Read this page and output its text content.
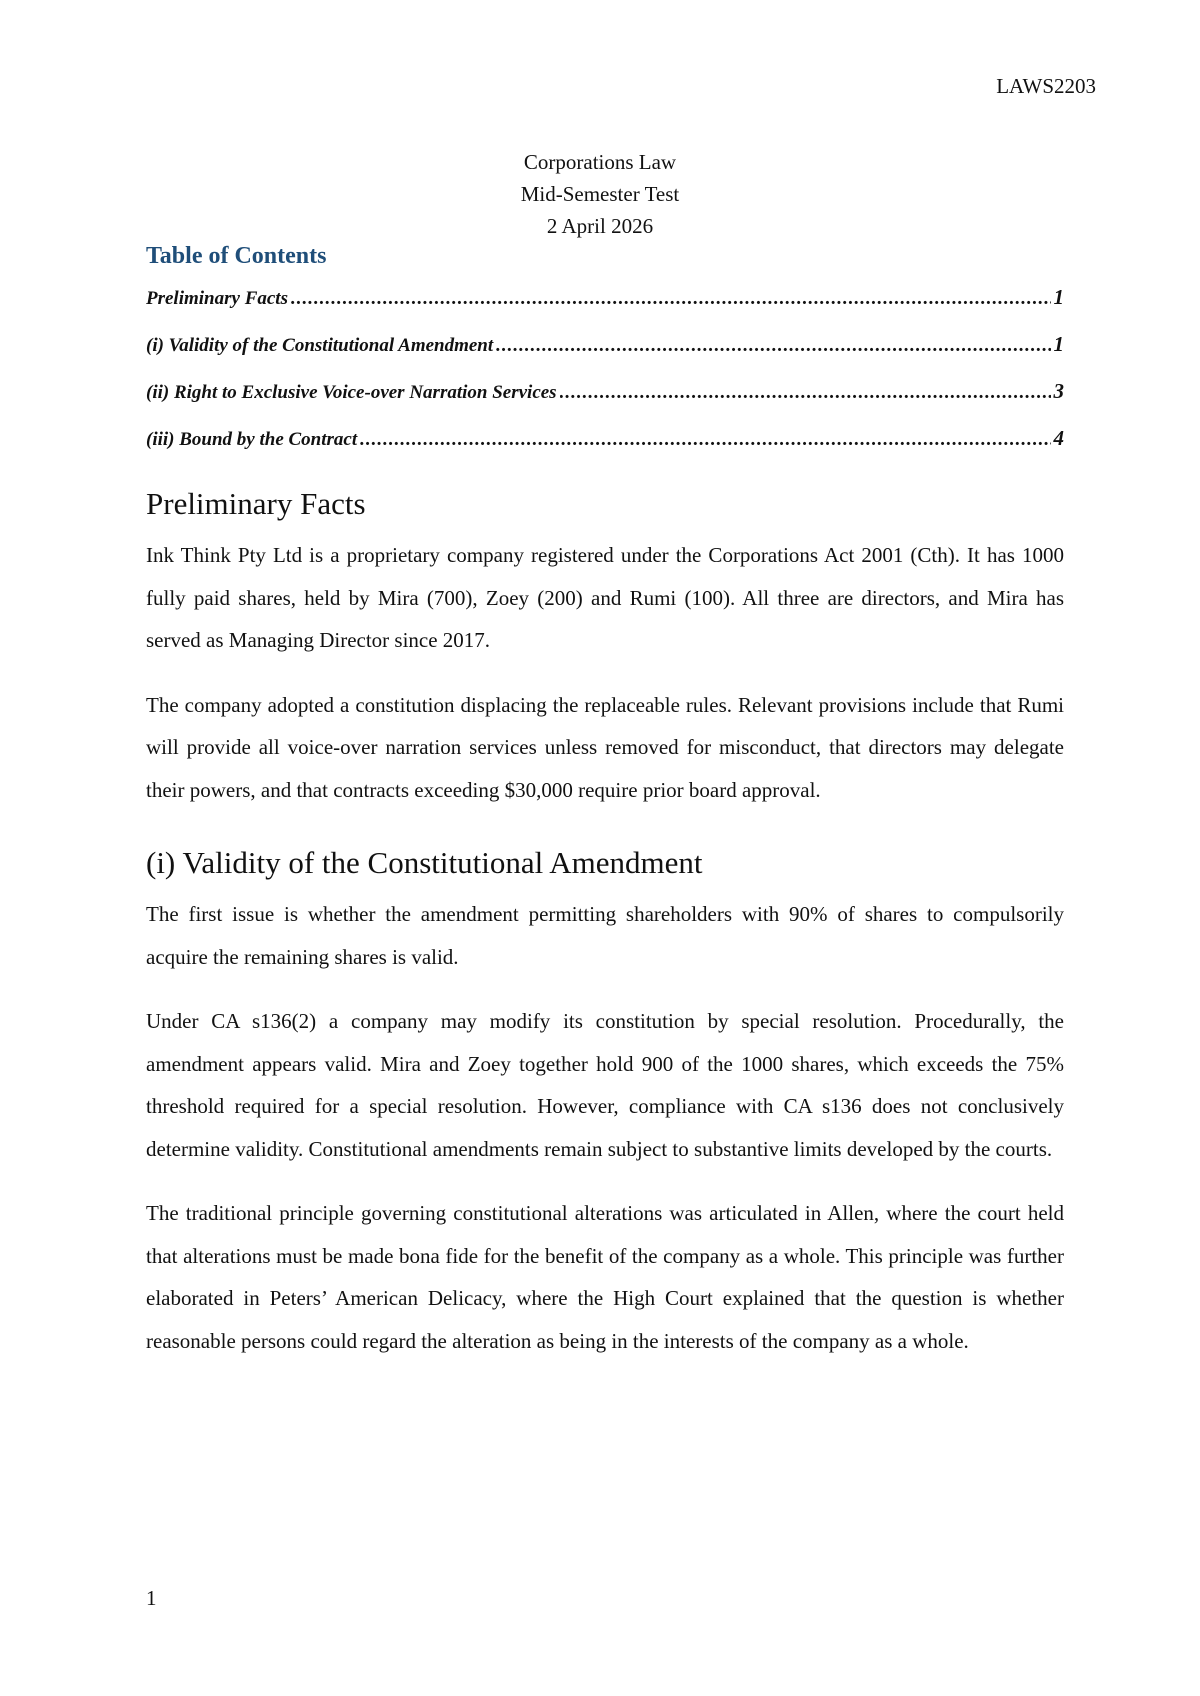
LAWS2203
Corporations Law
Mid-Semester Test
2 April 2026
Table of Contents
Preliminary Facts .....	1
(i) Validity of the Constitutional Amendment .....	1
(ii) Right to Exclusive Voice-over Narration Services .....	3
(iii) Bound by the Contract .....	4
Preliminary Facts

Ink Think Pty Ltd is a proprietary company registered under the Corporations Act 2001 (Cth). It has 1000 fully paid shares, held by Mira (700), Zoey (200) and Rumi (100). All three are directors, and Mira has served as Managing Director since 2017.

The company adopted a constitution displacing the replaceable rules. Relevant provisions include that Rumi will provide all voice-over narration services unless removed for misconduct, that directors may delegate their powers, and that contracts exceeding $30,000 require prior board approval.

(i) Validity of the Constitutional Amendment

The first issue is whether the amendment permitting shareholders with 90% of shares to compulsorily acquire the remaining shares is valid.

Under CA s136(2) a company may modify its constitution by special resolution. Procedurally, the amendment appears valid. Mira and Zoey together hold 900 of the 1000 shares, which exceeds the 75% threshold required for a special resolution. However, compliance with CA s136 does not conclusively determine validity. Constitutional amendments remain subject to substantive limits developed by the courts.

The traditional principle governing constitutional alterations was articulated in Allen, where the court held that alterations must be made bona fide for the benefit of the company as a whole. This principle was further elaborated in Peters’ American Delicacy, where the High Court explained that the question is whether reasonable persons could regard the alteration as being in the interests of the company as a whole.

1
